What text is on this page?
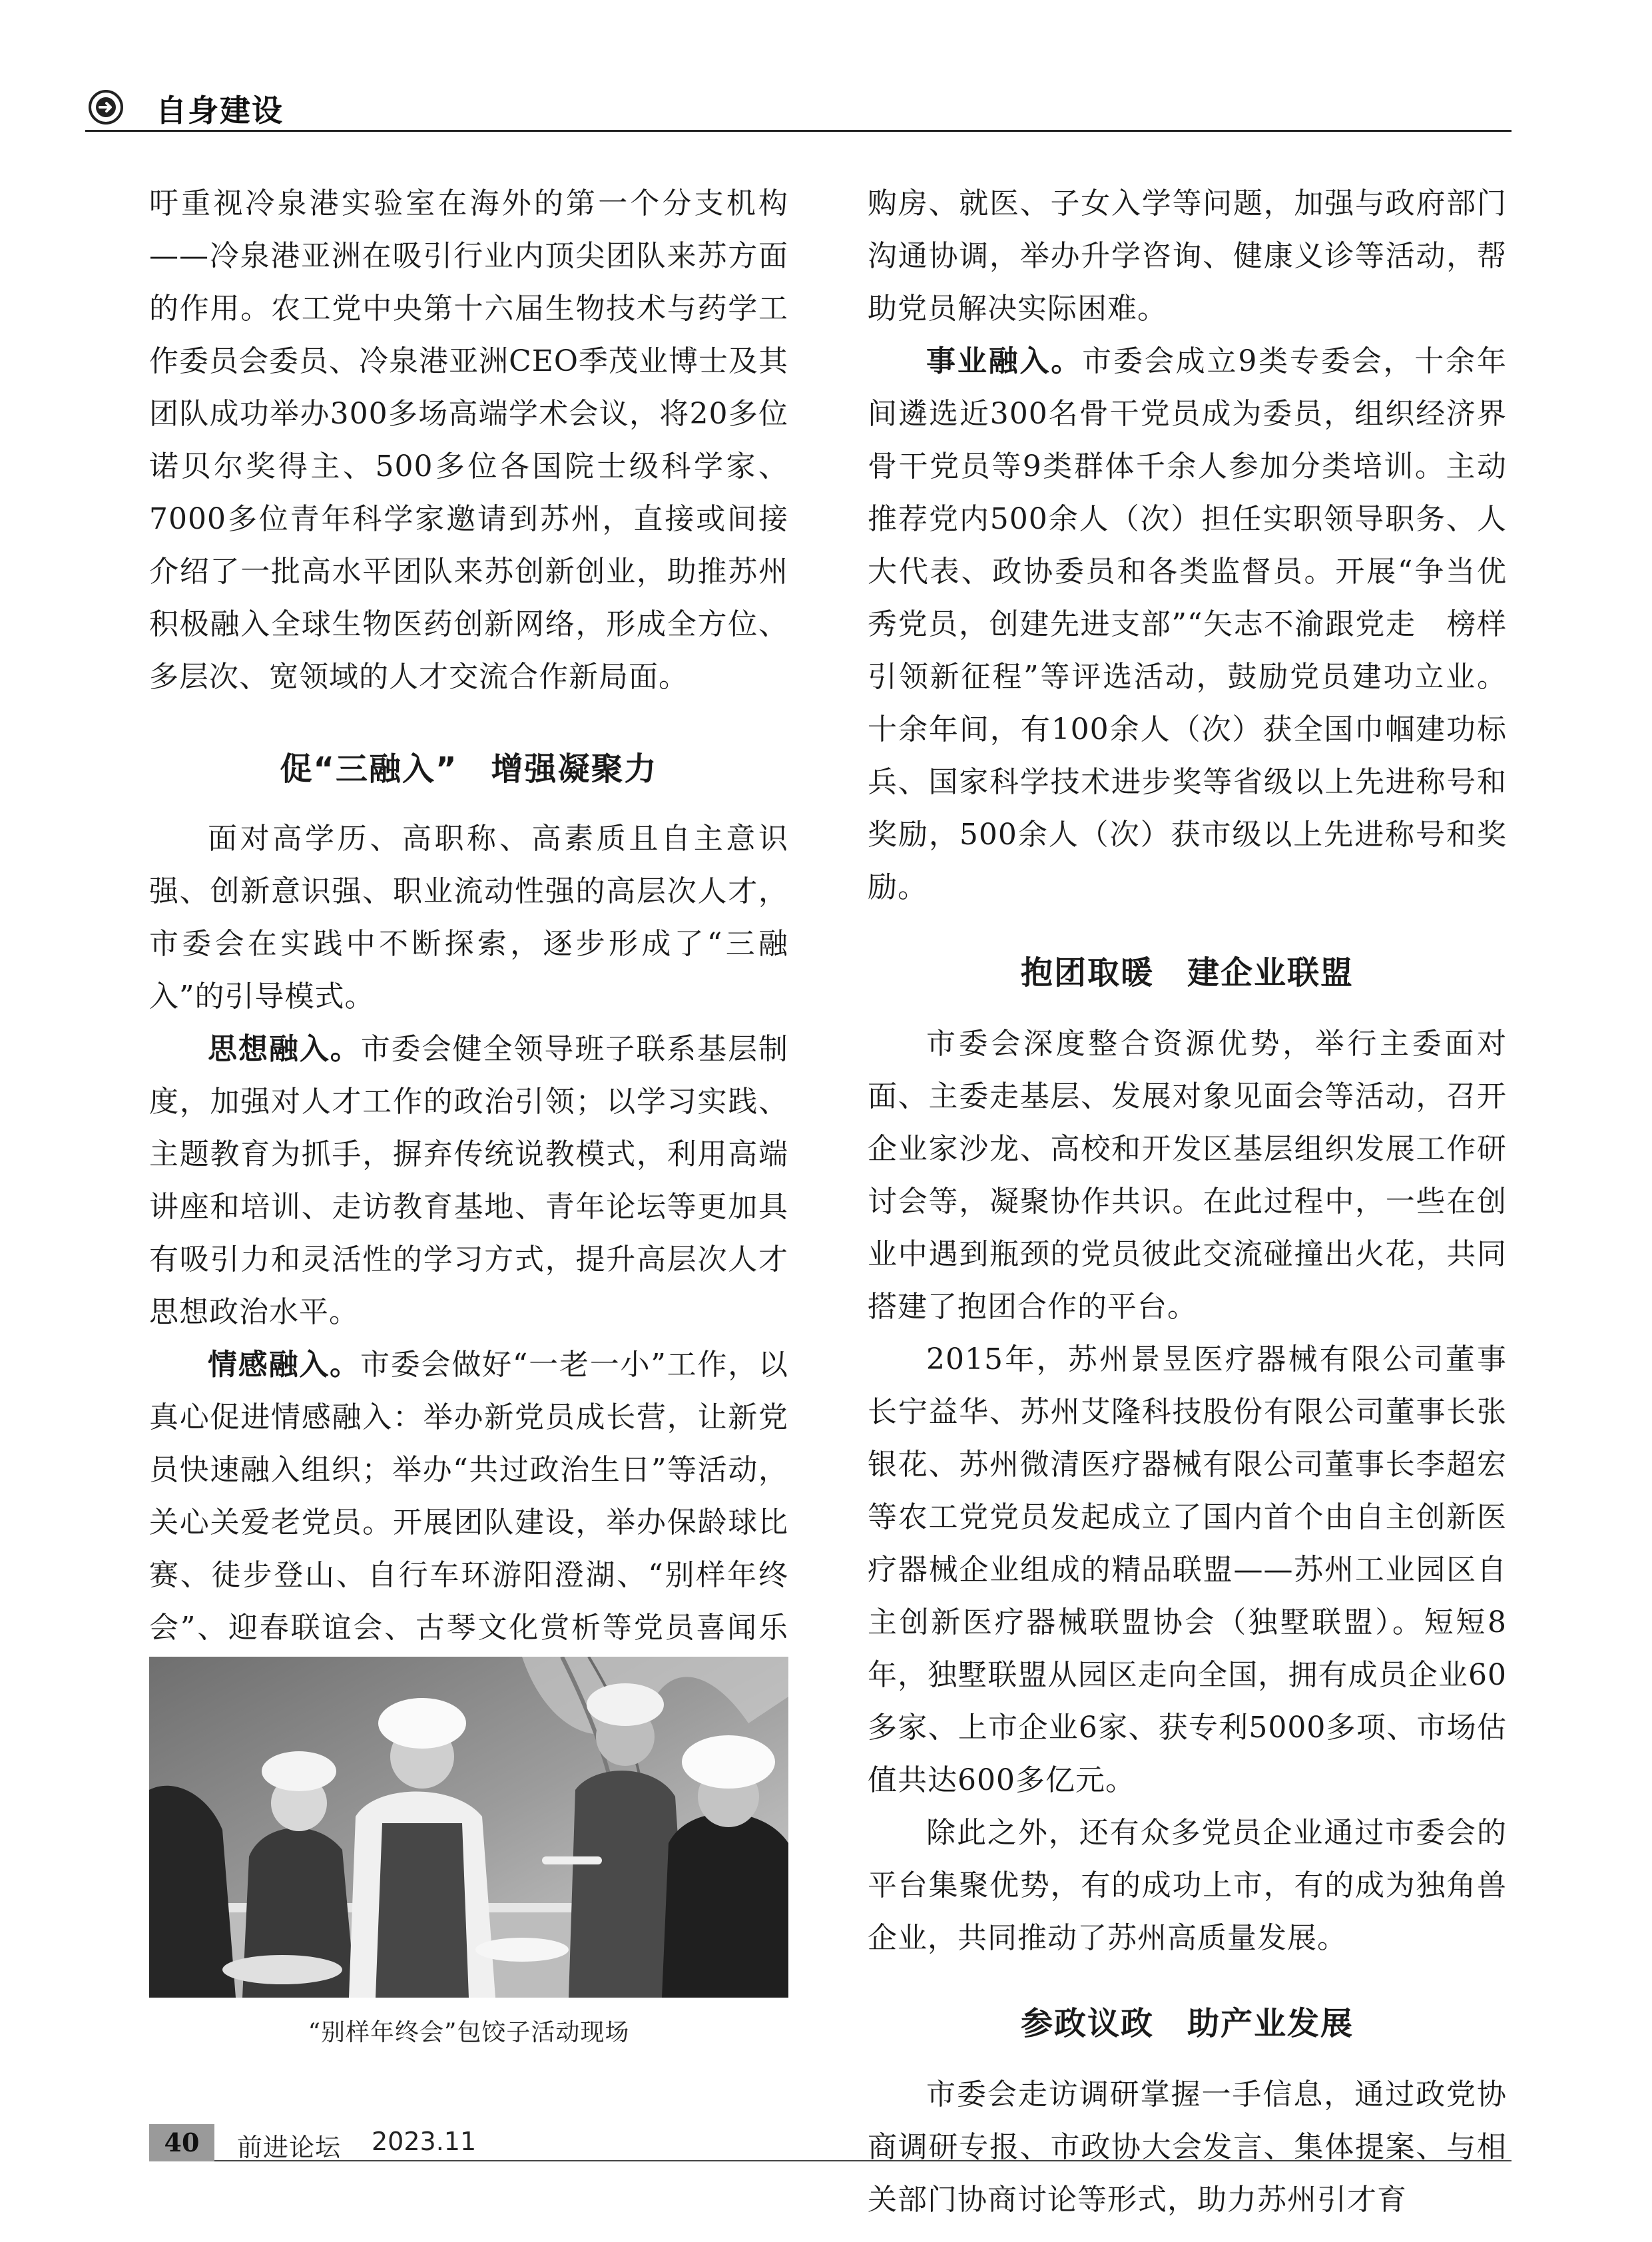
自身建设

吁重视冷泉港实验室在海外的第一个分支机构——冷泉港亚洲在吸引行业内顶尖团队来苏方面的作用。农工党中央第十六届生物技术与药学工作委员会委员、冷泉港亚洲CEO季茂业博士及其团队成功举办300多场高端学术会议，将20多位诺贝尔奖得主、500多位各国院士级科学家、7000多位青年科学家邀请到苏州，直接或间接介绍了一批高水平团队来苏创新创业，助推苏州积极融入全球生物医药创新网络，形成全方位、多层次、宽领域的人才交流合作新局面。

促“三融入”　增强凝聚力

面对高学历、高职称、高素质且自主意识强、创新意识强、职业流动性强的高层次人才，市委会在实践中不断探索，逐步形成了“三融入”的引导模式。

思想融入。市委会健全领导班子联系基层制度，加强对人才工作的政治引领；以学习实践、主题教育为抓手，摒弃传统说教模式，利用高端讲座和培训、走访教育基地、青年论坛等更加具有吸引力和灵活性的学习方式，提升高层次人才思想政治水平。

情感融入。市委会做好“一老一小”工作，以真心促进情感融入：举办新党员成长营，让新党员快速融入组织；举办“共过政治生日”等活动，关心关爱老党员。开展团队建设，举办保龄球比赛、徒步登山、自行车环游阳澄湖、“别样年终会”、迎春联谊会、古琴文化赏析等党员喜闻乐

“别样年终会”包饺子活动现场

购房、就医、子女入学等问题，加强与政府部门沟通协调，举办升学咨询、健康义诊等活动，帮助党员解决实际困难。

事业融入。市委会成立9类专委会，十余年间遴选近300名骨干党员成为委员，组织经济界骨干党员等9类群体千余人参加分类培训。主动推荐党内500余人（次）担任实职领导职务、人大代表、政协委员和各类监督员。开展“争当优秀党员，创建先进支部”“矢志不渝跟党走　榜样引领新征程”等评选活动，鼓励党员建功立业。十余年间，有100余人（次）获全国巾帼建功标兵、国家科学技术进步奖等省级以上先进称号和奖励，500余人（次）获市级以上先进称号和奖励。

抱团取暖　建企业联盟

市委会深度整合资源优势，举行主委面对面、主委走基层、发展对象见面会等活动，召开企业家沙龙、高校和开发区基层组织发展工作研讨会等，凝聚协作共识。在此过程中，一些在创业中遇到瓶颈的党员彼此交流碰撞出火花，共同搭建了抱团合作的平台。

2015年，苏州景昱医疗器械有限公司董事长宁益华、苏州艾隆科技股份有限公司董事长张银花、苏州微清医疗器械有限公司董事长李超宏等农工党党员发起成立了国内首个由自主创新医疗器械企业组成的精品联盟——苏州工业园区自主创新医疗器械联盟协会（独墅联盟）。短短8年，独墅联盟从园区走向全国，拥有成员企业60多家、上市企业6家、获专利5000多项、市场估值共达600多亿元。

除此之外，还有众多党员企业通过市委会的平台集聚优势，有的成功上市，有的成为独角兽企业，共同推动了苏州高质量发展。

参政议政　助产业发展

市委会走访调研掌握一手信息，通过政党协商调研专报、市政协大会发言、集体提案、与相关部门协商讨论等形式，助力苏州引才育

40	前进论坛 2023.11
